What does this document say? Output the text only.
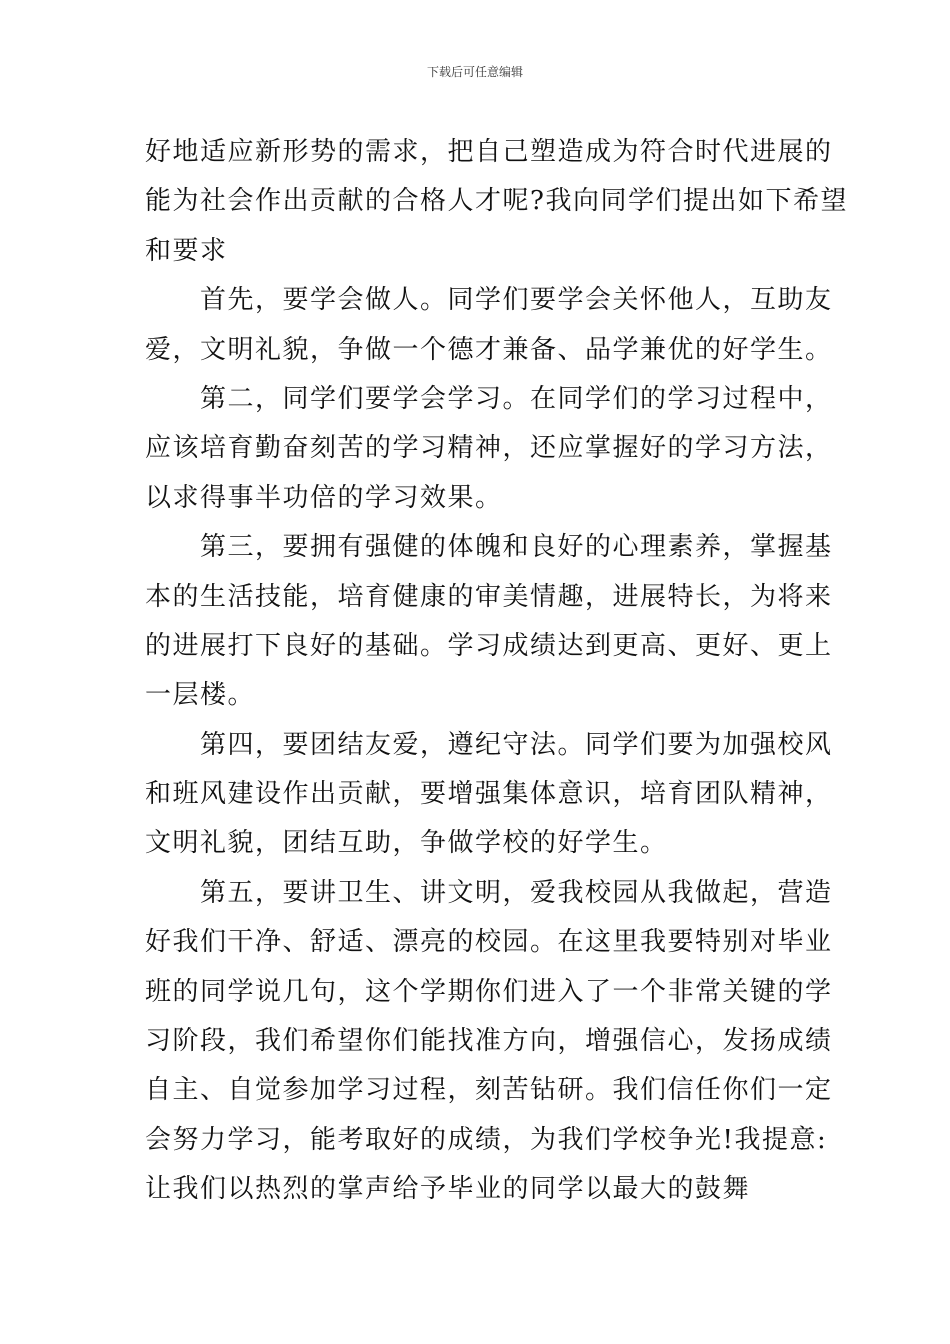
下载后可任意编辑
好地适应新形势的需求，把自己塑造成为符合时代进展的
能为社会作出贡献的合格人才呢?我向同学们提出如下希望
和要求
首先，要学会做人。同学们要学会关怀他人，互助友
爱，文明礼貌，争做一个德才兼备、品学兼优的好学生。
第二，同学们要学会学习。在同学们的学习过程中，
应该培育勤奋刻苦的学习精神，还应掌握好的学习方法，
以求得事半功倍的学习效果。
第三，要拥有强健的体魄和良好的心理素养，掌握基
本的生活技能，培育健康的审美情趣，进展特长，为将来
的进展打下良好的基础。学习成绩达到更高、更好、更上
一层楼。
第四，要团结友爱，遵纪守法。同学们要为加强校风
和班风建设作出贡献，要增强集体意识，培育团队精神，
文明礼貌，团结互助，争做学校的好学生。
第五，要讲卫生、讲文明，爱我校园从我做起，营造
好我们干净、舒适、漂亮的校园。在这里我要特别对毕业
班的同学说几句，这个学期你们进入了一个非常关键的学
习阶段，我们希望你们能找准方向，增强信心，发扬成绩
自主、自觉参加学习过程，刻苦钻研。我们信任你们一定
会努力学习，能考取好的成绩，为我们学校争光!我提意:
让我们以热烈的掌声给予毕业的同学以最大的鼓舞
